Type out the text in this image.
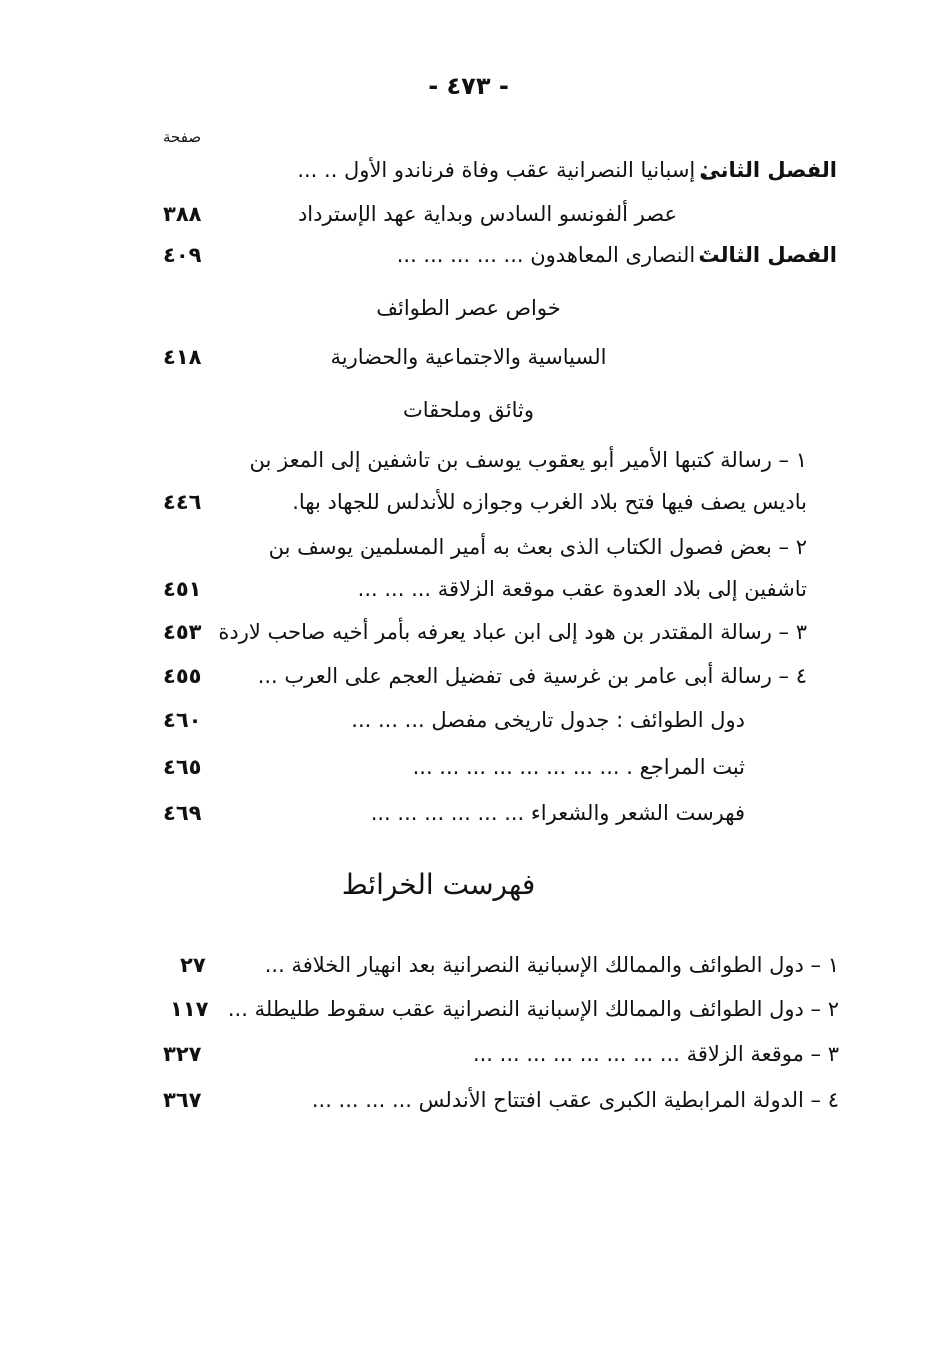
- ٤٧٣ -
صفحة
الفصل الثانى
: إسبانيا النصرانية عقب وفاة فرناندو الأول .. ...
عصر ألفونسو السادس وبداية عهد الإسترداد
٣٨٨
الفصل الثالث
: النصارى المعاهدون ... ... ... ... ...
٤٠٩
خواص عصر الطوائف
السياسية والاجتماعية والحضارية
٤١٨
وثائق وملحقات
١ – رسالة كتبها الأمير أبو يعقوب يوسف بن تاشفين إلى المعز بن
باديس يصف فيها فتح بلاد الغرب وجوازه للأندلس للجهاد بها.
٤٤٦
٢ – بعض فصول الكتاب الذى بعث به أمير المسلمين يوسف بن
تاشفين إلى بلاد العدوة عقب موقعة الزلاقة ... ... ...
٤٥١
٣ – رسالة المقتدر بن هود إلى ابن عباد يعرفه بأمر أخيه صاحب لاردة
٤٥٣
٤ – رسالة أبى عامر بن غرسية فى تفضيل العجم على العرب ...
٤٥٥
دول الطوائف : جدول تاريخى مفصل ... ... ...
٤٦٠
ثبت المراجع . ... ... ... ... ... ... ... ...
٤٦٥
فهرست الشعر والشعراء ... ... ... ... ... ...
٤٦٩
فهرست الخرائط
١ – دول الطوائف والممالك الإسبانية النصرانية بعد انهيار الخلافة ...
٢٧
٢ – دول الطوائف والممالك الإسبانية النصرانية عقب سقوط طليطلة ...
١١٧
٣ – موقعة الزلاقة ... ... ... ... ... ... ... ...
٣٢٧
٤ – الدولة المرابطية الكبرى عقب افتتاح الأندلس ... ... ... ...
٣٦٧
